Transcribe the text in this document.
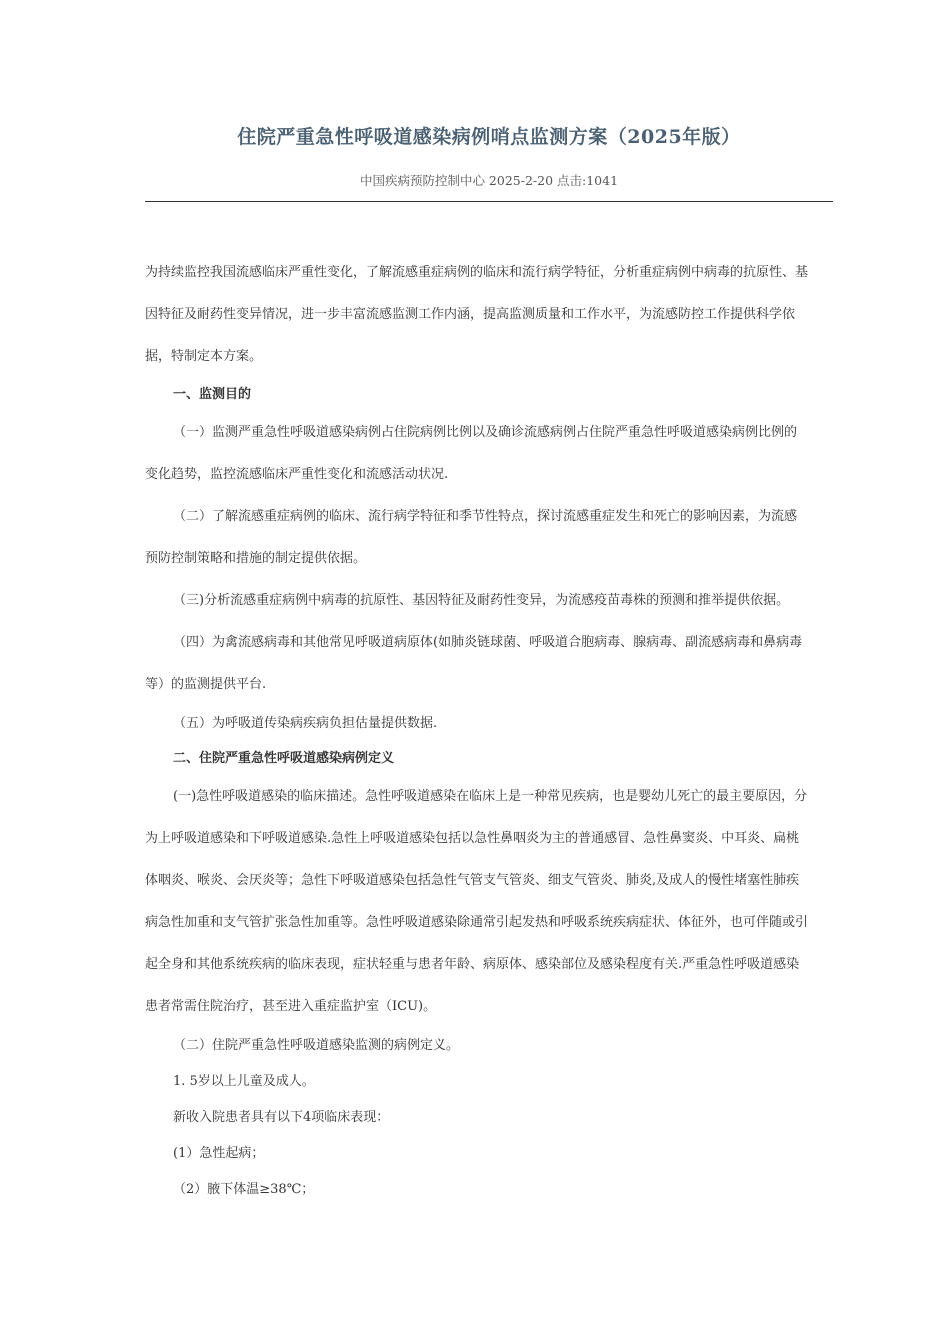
住院严重急性呼吸道感染病例哨点监测方案（2025年版）
中国疾病预防控制中心 2025-2-20 点击:1041

为持续监控我国流感临床严重性变化，了解流感重症病例的临床和流行病学特征，分析重症病例中病毒的抗原性、基因特征及耐药性变异情况，进一步丰富流感监测工作内涵，提高监测质量和工作水平，为流感防控工作提供科学依据，特制定本方案。

一、监测目的

（一）监测严重急性呼吸道感染病例占住院病例比例以及确诊流感病例占住院严重急性呼吸道感染病例比例的变化趋势，监控流感临床严重性变化和流感活动状况.

（二）了解流感重症病例的临床、流行病学特征和季节性特点，探讨流感重症发生和死亡的影响因素，为流感预防控制策略和措施的制定提供依据。

（三)分析流感重症病例中病毒的抗原性、基因特征及耐药性变异，为流感疫苗毒株的预测和推举提供依据。

（四）为禽流感病毒和其他常见呼吸道病原体(如肺炎链球菌、呼吸道合胞病毒、腺病毒、副流感病毒和鼻病毒等）的监测提供平台.

（五）为呼吸道传染病疾病负担估量提供数据.

二、住院严重急性呼吸道感染病例定义

(一)急性呼吸道感染的临床描述。急性呼吸道感染在临床上是一种常见疾病，也是婴幼儿死亡的最主要原因，分为上呼吸道感染和下呼吸道感染.急性上呼吸道感染包括以急性鼻咽炎为主的普通感冒、急性鼻窦炎、中耳炎、扁桃体咽炎、喉炎、会厌炎等；急性下呼吸道感染包括急性气管支气管炎、细支气管炎、肺炎,及成人的慢性堵塞性肺疾病急性加重和支气管扩张急性加重等。急性呼吸道感染除通常引起发热和呼吸系统疾病症状、体征外，也可伴随或引起全身和其他系统疾病的临床表现，症状轻重与患者年龄、病原体、感染部位及感染程度有关.严重急性呼吸道感染患者常需住院治疗，甚至进入重症监护室（ICU)。

（二）住院严重急性呼吸道感染监测的病例定义。

1. 5岁以上儿童及成人。

新收入院患者具有以下4项临床表现：

(1）急性起病；

（2）腋下体温≥38℃；
